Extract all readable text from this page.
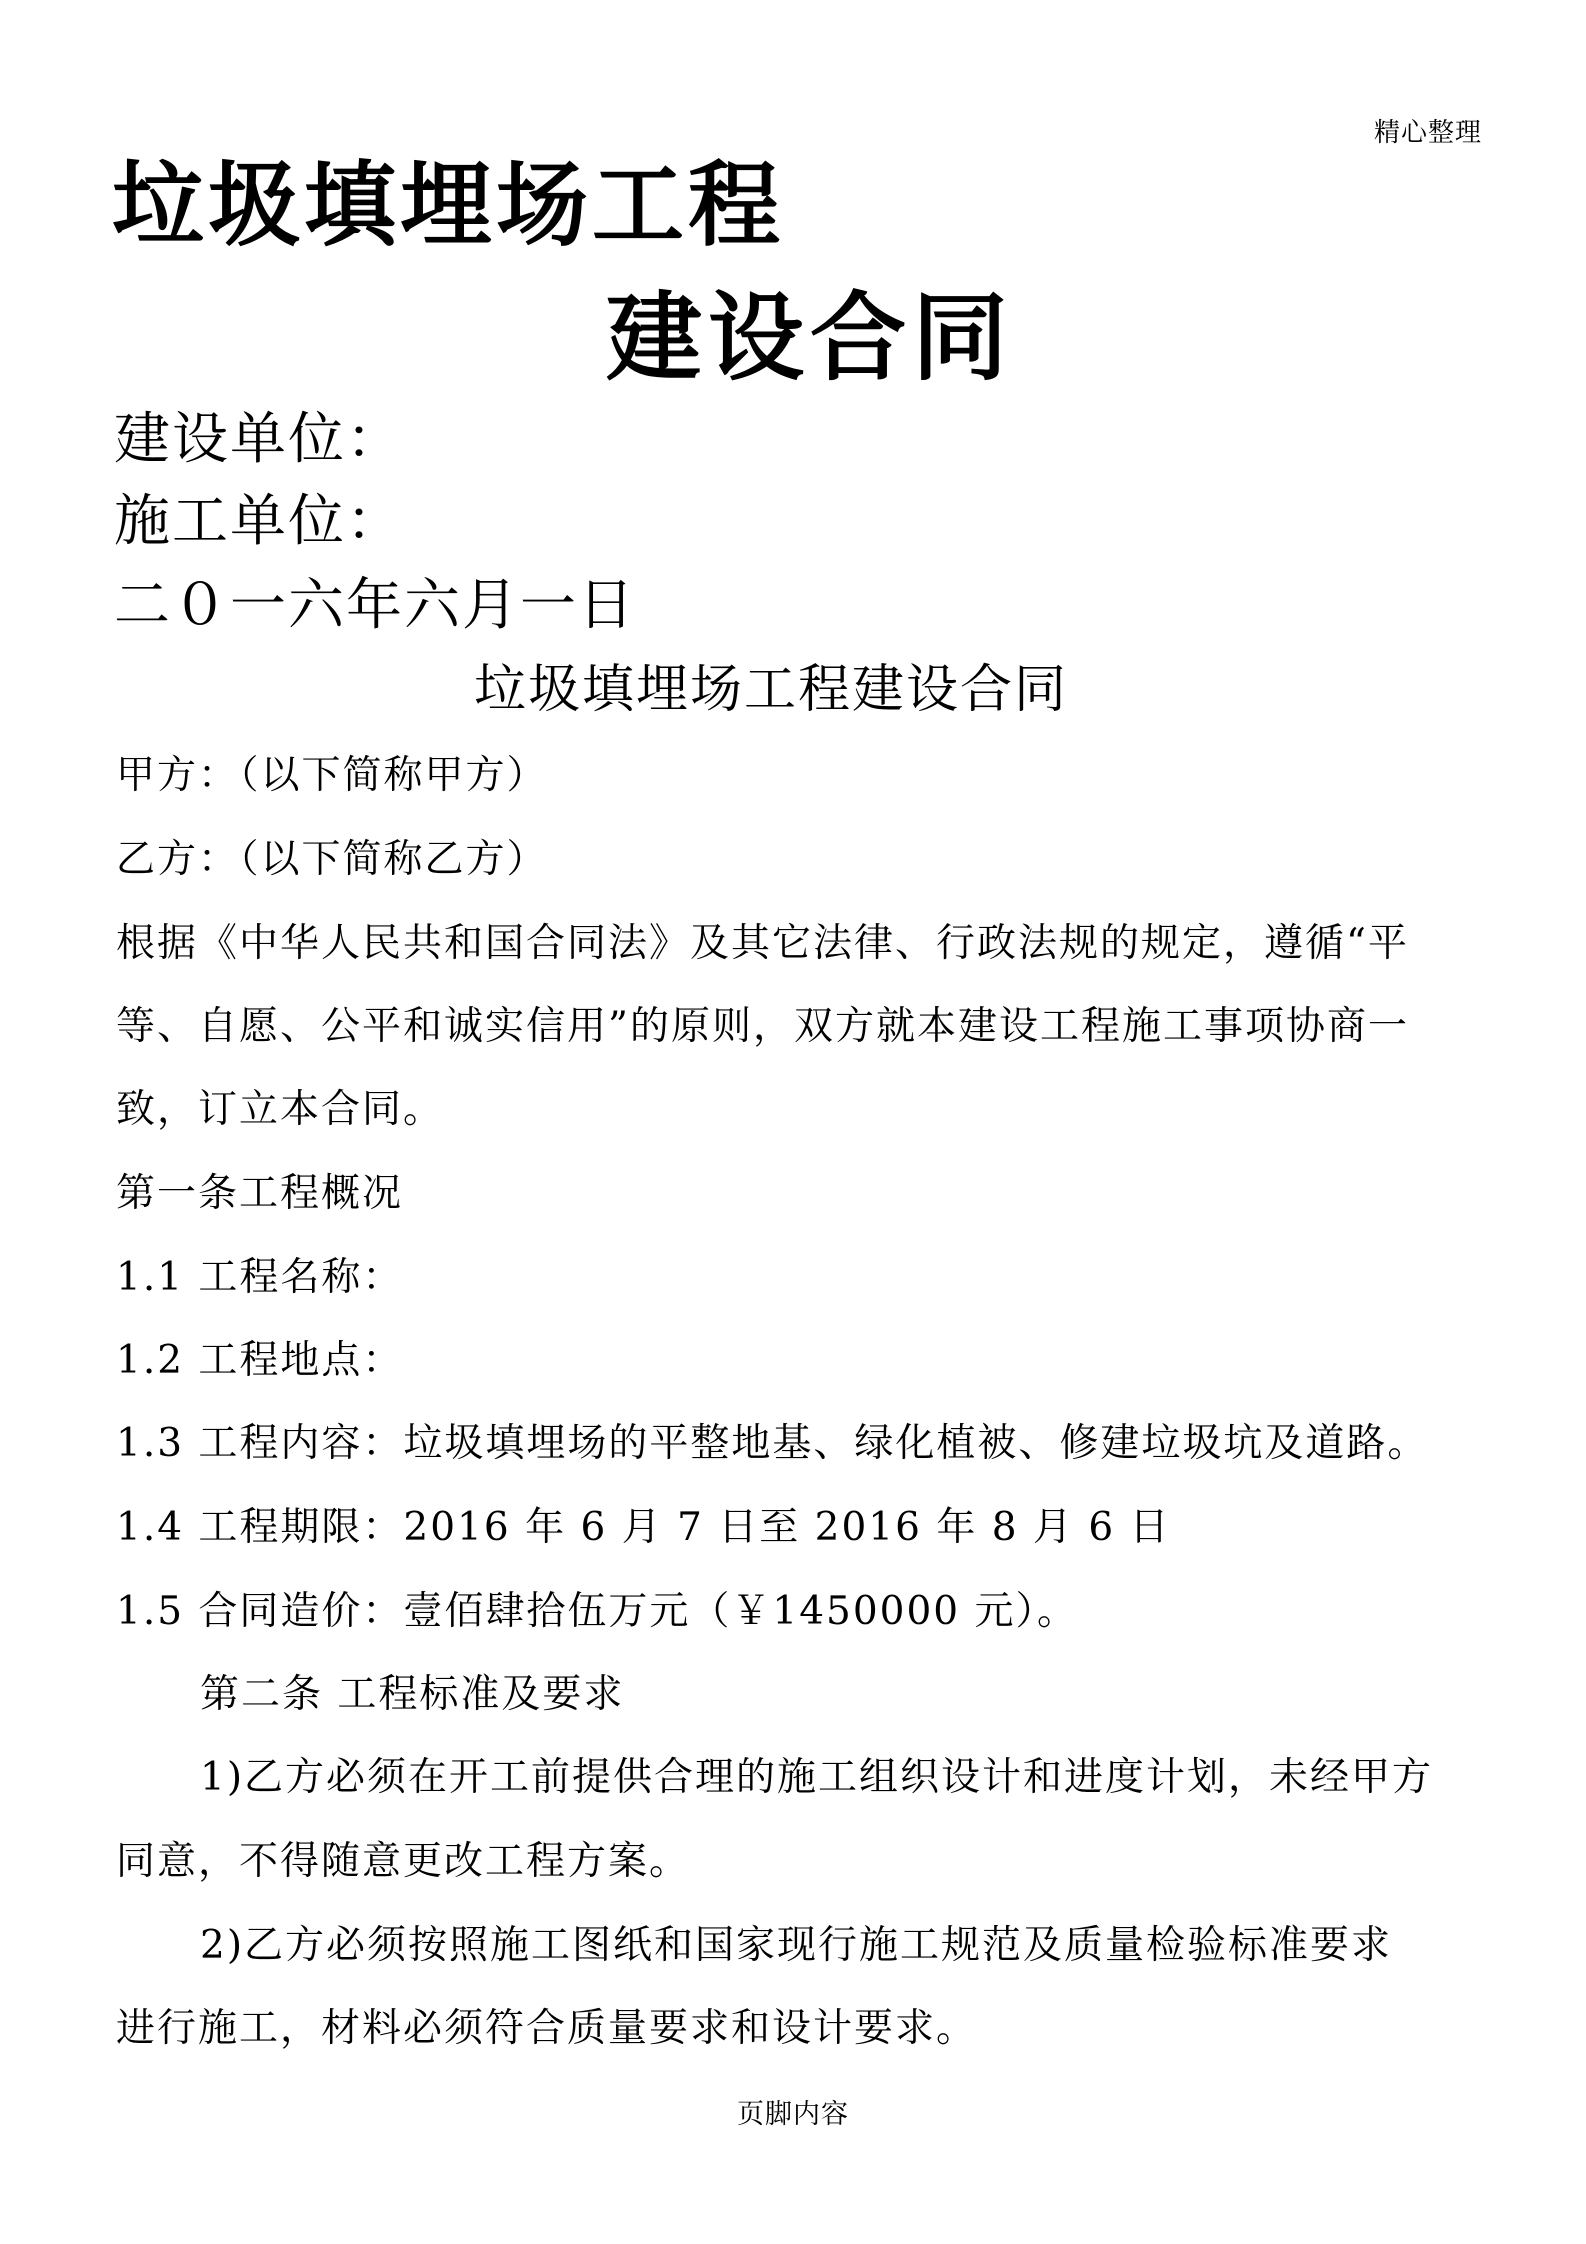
精心整理
垃圾填埋场工程
建设合同
建设单位：
施工单位：
二０一六年六月一日
垃圾填埋场工程建设合同
甲方：（以下简称甲方）
乙方：（以下简称乙方）
根据《中华人民共和国合同法》及其它法律、行政法规的规定，遵循“平
等、自愿、公平和诚实信用”的原则，双方就本建设工程施工事项协商一
致，订立本合同。
第一条工程概况
1.1 工程名称：
1.2 工程地点：
1.3 工程内容：垃圾填埋场的平整地基、绿化植被、修建垃圾坑及道路。
1.4 工程期限：2016 年 6 月 7 日至 2016 年 8 月 6 日
1.5 合同造价：壹佰肆拾伍万元（￥1450000 元）。
第二条 工程标准及要求
1)乙方必须在开工前提供合理的施工组织设计和进度计划，未经甲方
同意，不得随意更改工程方案。
2)乙方必须按照施工图纸和国家现行施工规范及质量检验标准要求
进行施工，材料必须符合质量要求和设计要求。
页脚内容
